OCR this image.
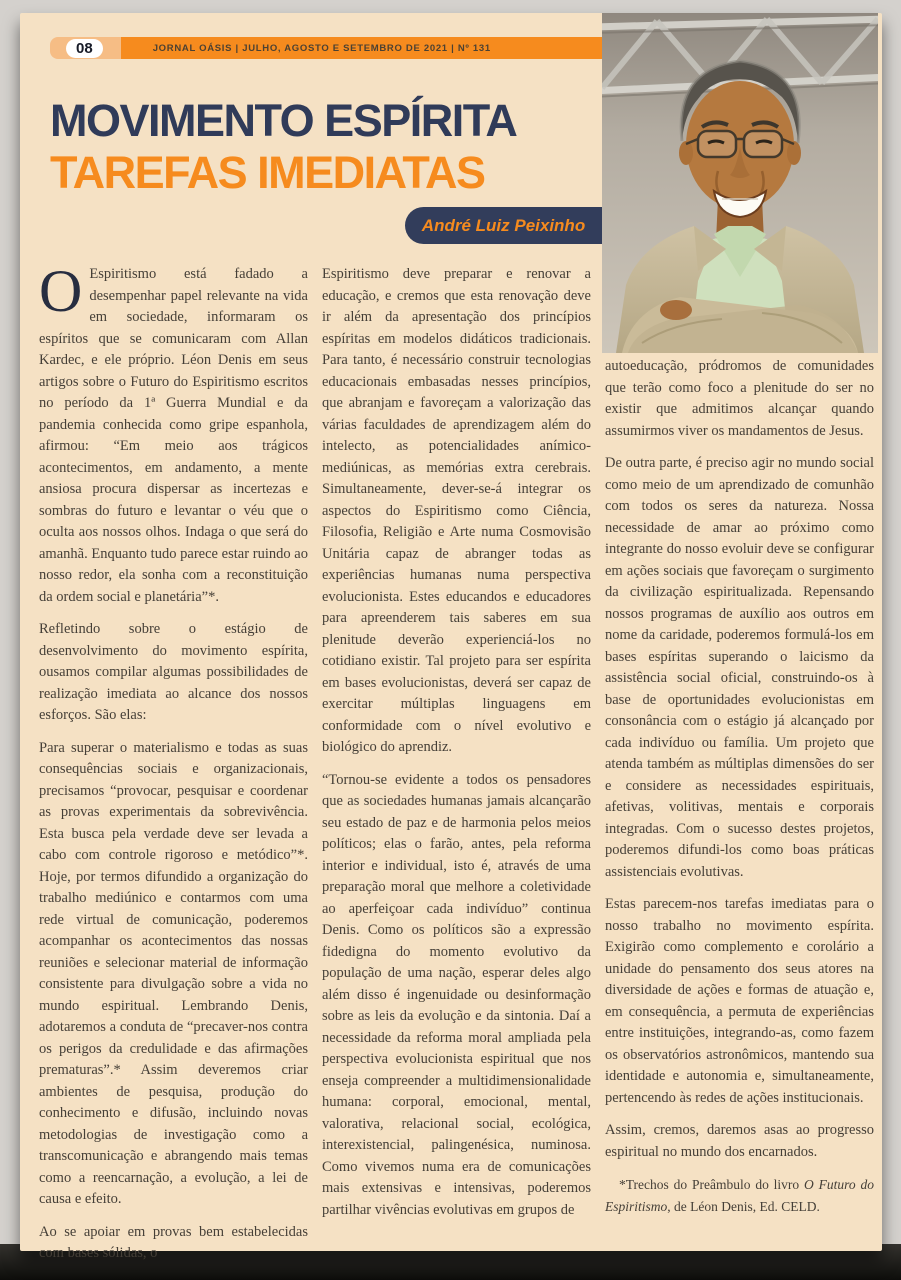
08	JORNAL OÁSIS | JULHO, AGOSTO E SETEMBRO DE 2021 | Nº 131
MOVIMENTO ESPÍRITA
TAREFAS IMEDIATAS
André Luiz Peixinho

O Espiritismo está fadado a desempenhar papel relevante na vida em sociedade, informaram os espíritos que se comunicaram com Allan Kardec, e ele próprio. Léon Denis em seus artigos sobre o Futuro do Espiritismo escritos no período da 1ª Guerra Mundial e da pandemia conhecida como gripe espanhola, afirmou: “Em meio aos trágicos acontecimentos, em andamento, a mente ansiosa procura dispersar as incertezas e sombras do futuro e levantar o véu que o oculta aos nossos olhos. Indaga o que será do amanhã. Enquanto tudo parece estar ruindo ao nosso redor, ela sonha com a reconstituição da ordem social e planetária”*.

Refletindo sobre o estágio de desenvolvimento do movimento espírita, ousamos compilar algumas possibilidades de realização imediata ao alcance dos nossos esforços. São elas:

Para superar o materialismo e todas as suas consequências sociais e organizacionais, precisamos “provocar, pesquisar e coordenar as provas experimentais da sobrevivência. Esta busca pela verdade deve ser levada a cabo com controle rigoroso e metódico”*. Hoje, por termos difundido a organização do trabalho mediúnico e contarmos com uma rede virtual de comunicação, poderemos acompanhar os acontecimentos das nossas reuniões e selecionar material de informação consistente para divulgação sobre a vida no mundo espiritual. Lembrando Denis, adotaremos a conduta de “precaver-nos contra os perigos da credulidade e das afirmações prematuras”.* Assim deveremos criar ambientes de pesquisa, produção do conhecimento e difusão, incluindo novas metodologias de investigação como a transcomunicação e abrangendo mais temas como a reencarnação, a evolução, a lei de causa e efeito.

Ao se apoiar em provas bem estabelecidas com bases sólidas, o

Espiritismo deve preparar e renovar a educação, e cremos que esta renovação deve ir além da apresentação dos princípios espíritas em modelos didáticos tradicionais. Para tanto, é necessário construir tecnologias educacionais embasadas nesses princípios, que abranjam e favoreçam a valorização das várias faculdades de aprendizagem além do intelecto, as potencialidades anímico-mediúnicas, as memórias extra cerebrais. Simultaneamente, dever-se-á integrar os aspectos do Espiritismo como Ciência, Filosofia, Religião e Arte numa Cosmovisão Unitária capaz de abranger todas as experiências humanas numa perspectiva evolucionista. Estes educandos e educadores para apreenderem tais saberes em sua plenitude deverão experienciá-los no cotidiano existir. Tal projeto para ser espírita em bases evolucionistas, deverá ser capaz de exercitar múltiplas linguagens em conformidade com o nível evolutivo e biológico do aprendiz.

“Tornou-se evidente a todos os pensadores que as sociedades humanas jamais alcançarão seu estado de paz e de harmonia pelos meios políticos; elas o farão, antes, pela reforma interior e individual, isto é, através de uma preparação moral que melhore a coletividade ao aperfeiçoar cada indivíduo” continua Denis. Como os políticos são a expressão fidedigna do momento evolutivo da população de uma nação, esperar deles algo além disso é ingenuidade ou desinformação sobre as leis da evolução e da sintonia. Daí a necessidade da reforma moral ampliada pela perspectiva evolucionista espiritual que nos enseja compreender a multidimensionalidade humana: corporal, emocional, mental, valorativa, relacional social, ecológica, interexistencial, palingenésica, numinosa. Como vivemos numa era de comunicações mais extensivas e intensivas, poderemos partilhar vivências evolutivas em grupos de

autoeducação, pródromos de comunidades que terão como foco a plenitude do ser no existir que admitimos alcançar quando assumirmos viver os mandamentos de Jesus.

De outra parte, é preciso agir no mundo social como meio de um aprendizado de comunhão com todos os seres da natureza. Nossa necessidade de amar ao próximo como integrante do nosso evoluir deve se configurar em ações sociais que favoreçam o surgimento da civilização espiritualizada. Repensando nossos programas de auxílio aos outros em nome da caridade, poderemos formulá-los em bases espíritas superando o laicismo da assistência social oficial, construindo-os à base de oportunidades evolucionistas em consonância com o estágio já alcançado por cada indivíduo ou família. Um projeto que atenda também as múltiplas dimensões do ser e considere as necessidades espirituais, afetivas, volitivas, mentais e corporais integradas. Com o sucesso destes projetos, poderemos difundi-los como boas práticas assistenciais evolutivas.

Estas parecem-nos tarefas imediatas para o nosso trabalho no movimento espírita. Exigirão como complemento e corolário a unidade do pensamento dos seus atores na diversidade de ações e formas de atuação e, em consequência, a permuta de experiências entre instituições, integrando-as, como fazem os observatórios astronômicos, mantendo sua identidade e autonomia e, simultaneamente, pertencendo às redes de ações institucionais.

Assim, cremos, daremos asas ao progresso espiritual no mundo dos encarnados.

*Trechos do Preâmbulo do livro O Futuro do Espiritismo, de Léon Denis, Ed. CELD.
